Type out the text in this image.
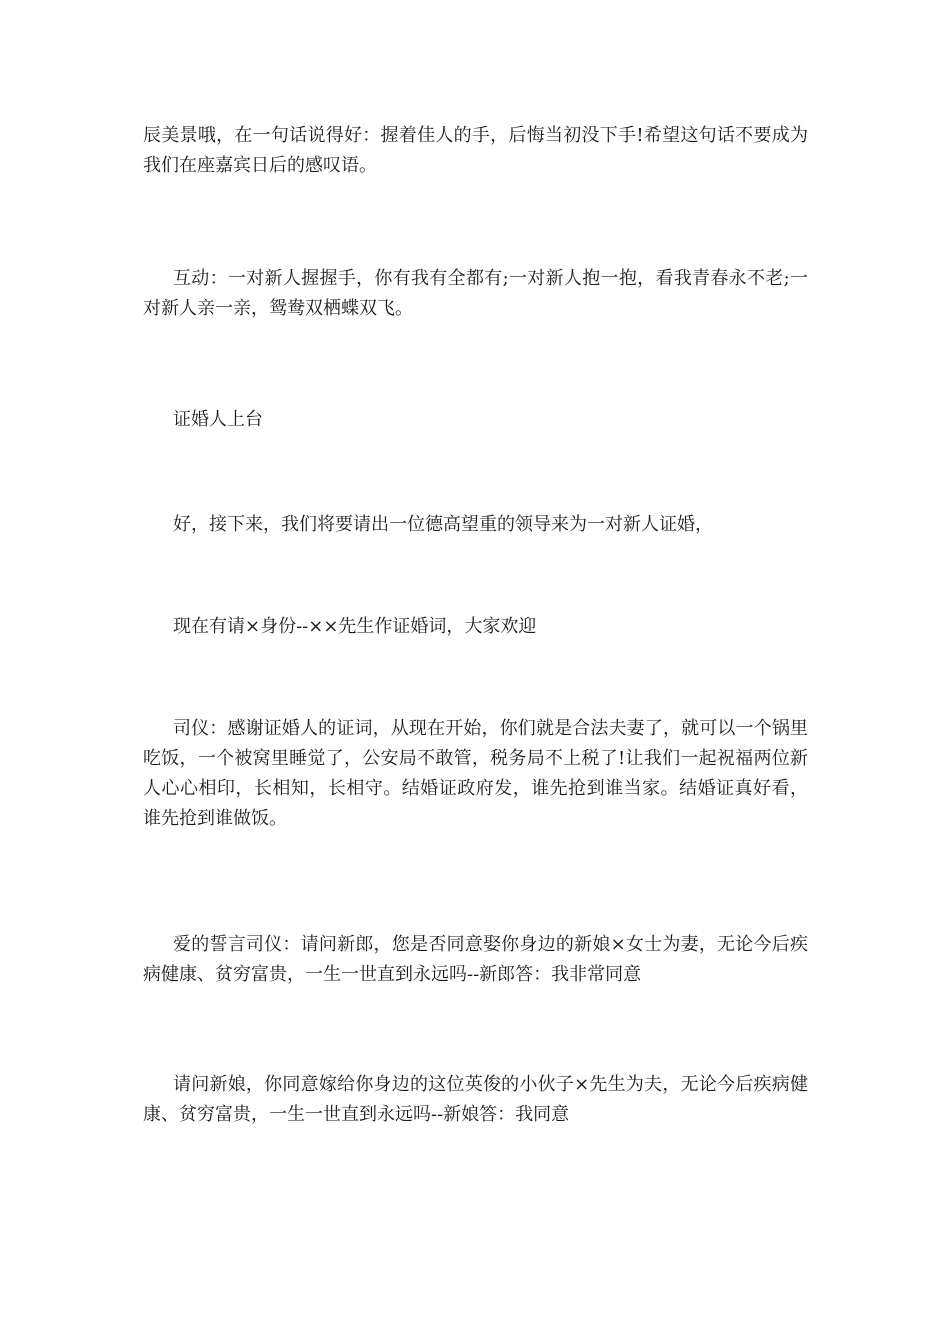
辰美景哦，在一句话说得好：握着佳人的手，后悔当初没下手!希望这句话不要成为我们在座嘉宾日后的感叹语。

互动：一对新人握握手，你有我有全都有;一对新人抱一抱，看我青春永不老;一对新人亲一亲，鸳鸯双栖蝶双飞。

证婚人上台

好，接下来，我们将要请出一位德高望重的领导来为一对新人证婚，

现在有请×身份--××先生作证婚词，大家欢迎

司仪：感谢证婚人的证词，从现在开始，你们就是合法夫妻了，就可以一个锅里吃饭，一个被窝里睡觉了，公安局不敢管，税务局不上税了!让我们一起祝福两位新人心心相印，长相知，长相守。结婚证政府发，谁先抢到谁当家。结婚证真好看，谁先抢到谁做饭。

爱的誓言司仪：请问新郎，您是否同意娶你身边的新娘×女士为妻，无论今后疾病健康、贫穷富贵，一生一世直到永远吗--新郎答：我非常同意

请问新娘，你同意嫁给你身边的这位英俊的小伙子×先生为夫，无论今后疾病健康、贫穷富贵，一生一世直到永远吗--新娘答：我同意
